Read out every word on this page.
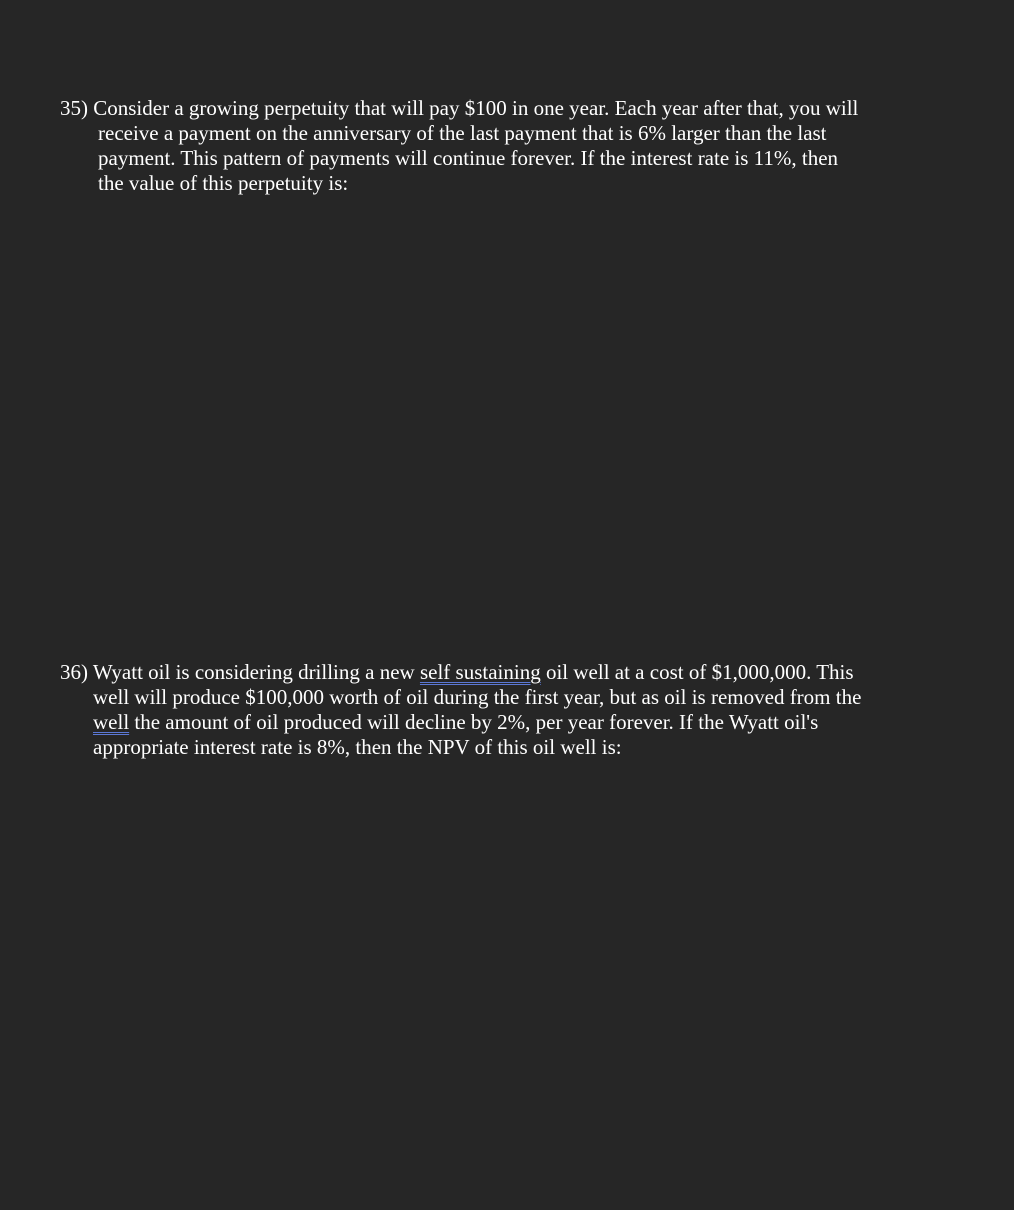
35) Consider a growing perpetuity that will pay $100 in one year. Each year after that, you will
receive a payment on the anniversary of the last payment that is 6% larger than the last
payment. This pattern of payments will continue forever. If the interest rate is 11%, then
the value of this perpetuity is:
36) Wyatt oil is considering drilling a new self sustaining oil well at a cost of $1,000,000. This
well will produce $100,000 worth of oil during the first year, but as oil is removed from the
well the amount of oil produced will decline by 2%, per year forever. If the Wyatt oil's
appropriate interest rate is 8%, then the NPV of this oil well is:
